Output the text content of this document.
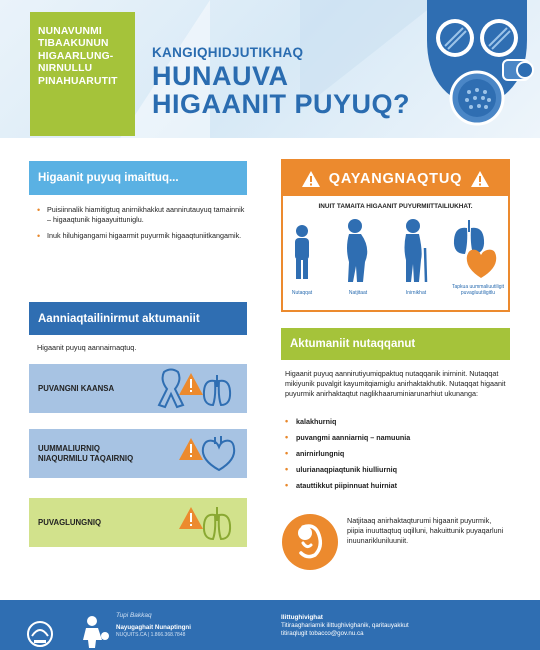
NUNAVUNMI
TIBAAKUNUN
HIGAARLUNG-
NIRNULLU
PINAHUARUTIT
KANGIQHIDJUTIKHAQ
HUNAUVA
HIGAANIT PUYUQ?
Higaanit puyuq imaittuq...
• Puisiinnalik hiamitigtuq anirnikhakkut aannirutauyuq tamainnik – higaaqtunik higaayuittuniglu.
• Inuk hiluhigangami higaarmit puyurmik higaaqtuniitkangamik.
Aanniaqtailinirmut aktumaniit
Higaanit puyuq aannairnaqtuq.
PUVANGNI KAANSA
UUMMALIURNIQ NIAQURMILU TAQAIRNIQ
PUVAGLUNGNIQ
QAYANGNAQTUQ
INUIT TAMAITA HIGAANIT PUYURMIITTAILIUKHAT.
Nutaqqat	Natjitaat	Inirnikhat
Tapkua uummaliuutiligit puvagluutiligitlu
Aktumaniit nutaqqanut
Higaanit puyuq aannirutiyumiqpaktuq nutaqqanik inirninit. Nutaqqat mikiyunik puvalgit kayumitqiamiglu anirhaktakhutik. Nutaqqat higaanit puyurmik anirhaktaqtut naglikhaaruminiarunarhiut ukunanga:
• kalakhurniq
• puvangmi aanniarniq – namuunia
• anirnirlungniq
• ulurianaqpiaqtunik hiulliurniq
• atauttikkut piipinnuat huirniat
Natjitaaq anirhaktaqturumi higaanit puyurmik, piipia inuuttaqtuq uqilluni, hakuittunik puyaqarluni inuunarikluniluuniit.
Tupi Bakkaq
Nayugaghait Nunaptingni
NUQUITS.CA | 1.866.368.7848
Ilittughivighat
Titiraaghariamik ilittughivighanik, qaritauyakkut
titiraqlugit tobacco@gov.nu.ca
